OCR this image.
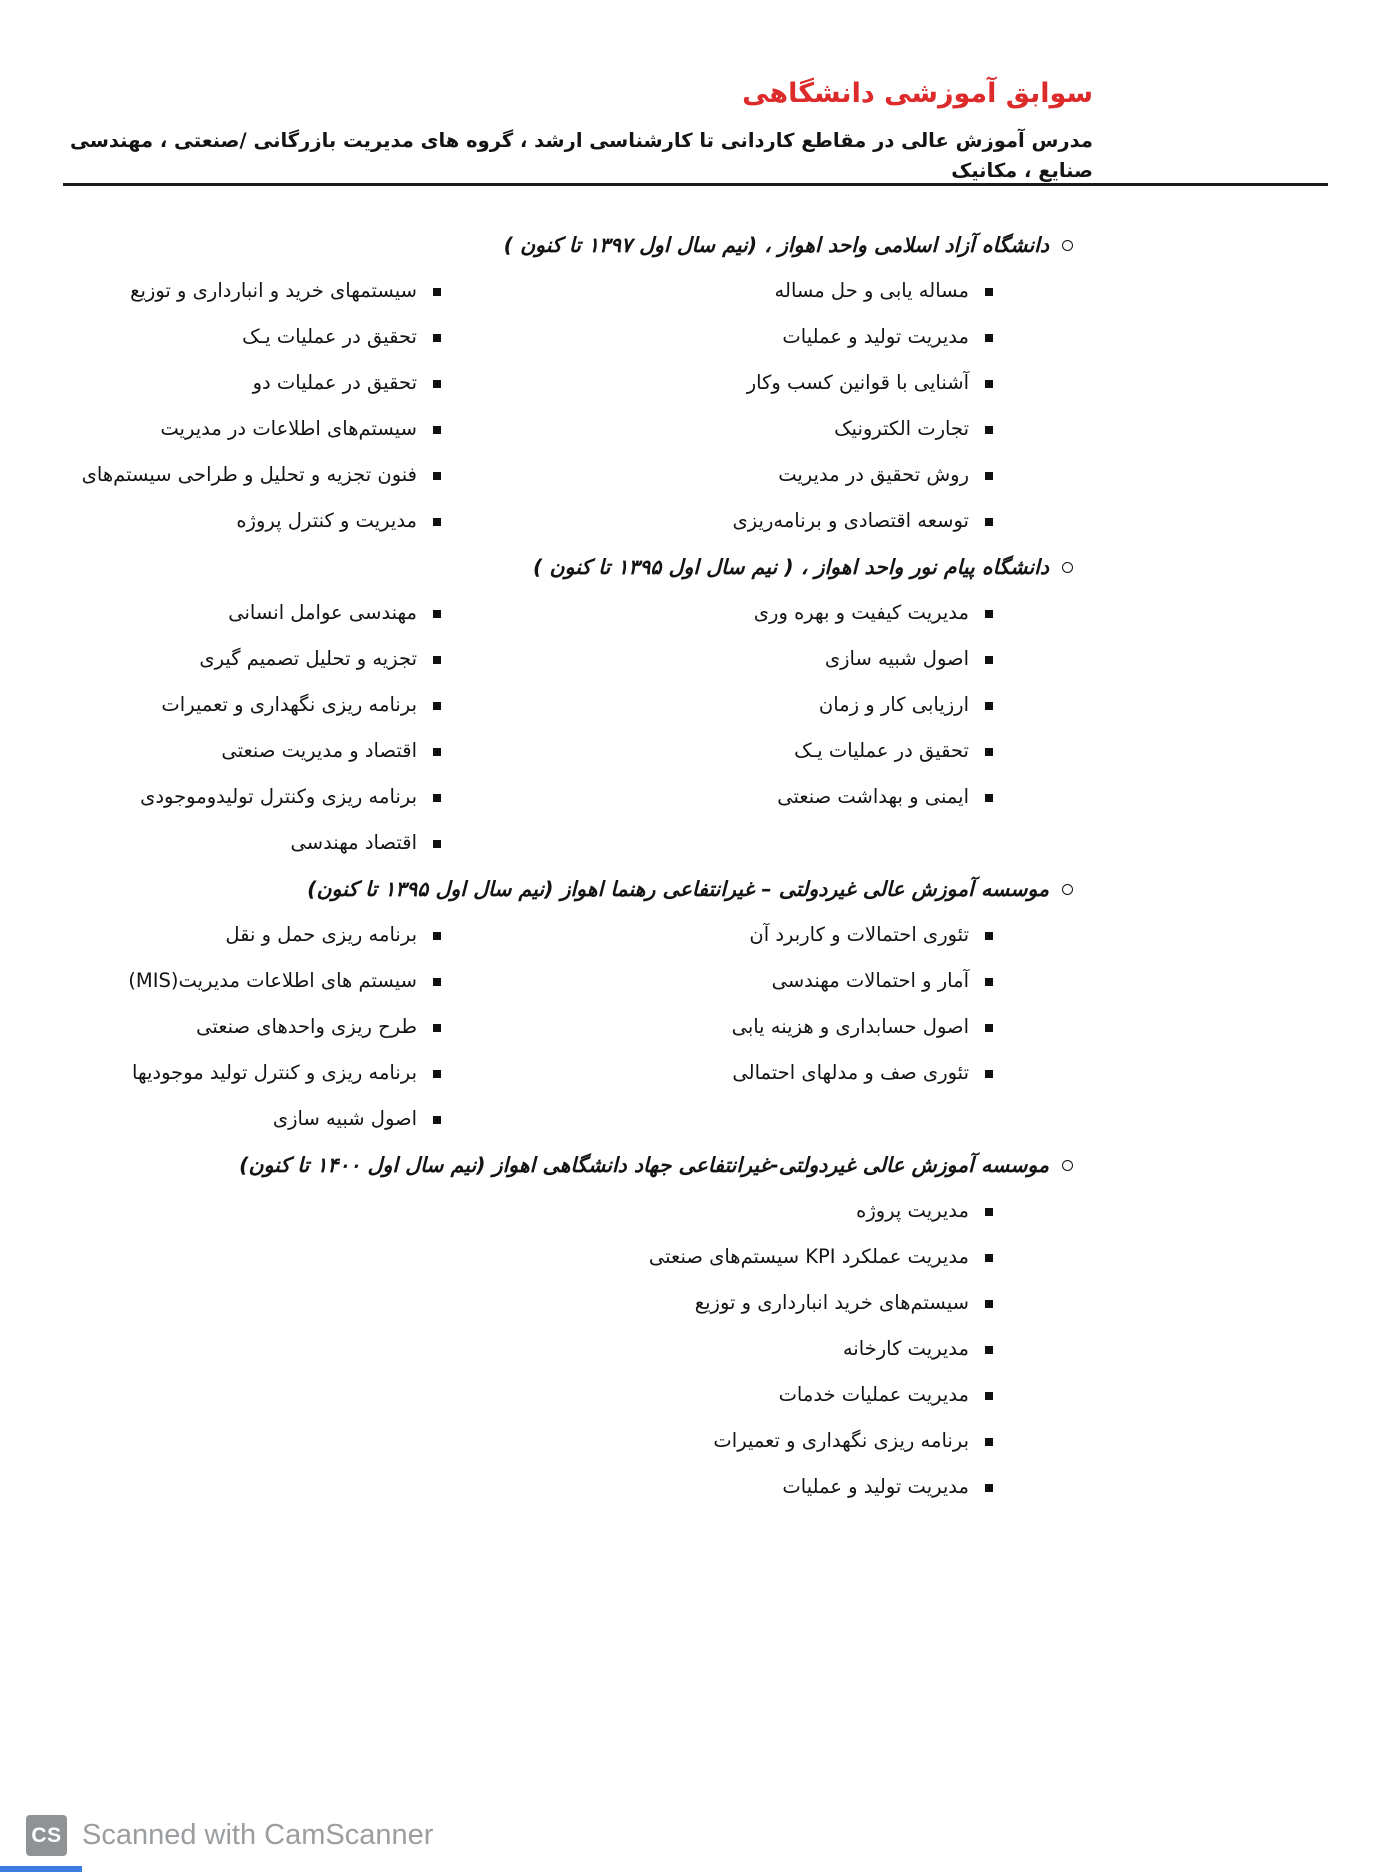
سوابق آموزشی دانشگاهی

مدرس آموزش عالی در مقاطع کاردانی تا کارشناسی ارشد ، گروه های مدیریت بازرگانی /صنعتی ، مهندسی صنایع ، مکانیک

دانشگاه آزاد اسلامی واحد اهواز ، (نیم سال اول ۱۳۹۷ تا کنون )
مساله یابی و حل مساله
مدیریت تولید و عملیات
آشنایی با قوانین کسب وکار
تجارت الکترونیک
روش تحقیق در مدیریت
توسعه اقتصادی و برنامه‌ریزی
سیستمهای خرید و انبارداری و توزیع
تحقیق در عملیات یـک
تحقیق در عملیات دو
سیستم‌های اطلاعات در مدیریت
فنون تجزیه و تحلیل و طراحی سیستم‌های
مدیریت و کنترل پروژه
دانشگاه پیام نور واحد اهواز ، ( نیم سال اول ۱۳۹۵ تا کنون )
مدیریت کیفیت و بهره وری
اصول شبیه سازی
ارزیابی کار و زمان
تحقیق در عملیات یـک
ایمنی و بهداشت صنعتی
مهندسی عوامل انسانی
تجزیه و تحلیل تصمیم گیری
برنامه ریزی نگهداری و تعمیرات
اقتصاد و مدیریت صنعتی
برنامه ریزی وکنترل تولیدوموجودی
اقتصاد مهندسی
موسسه آموزش عالی غیردولتی – غیرانتفاعی رهنما اهواز (نیم سال اول ۱۳۹۵ تا کنون)
تئوری احتمالات و کاربرد آن
آمار و احتمالات مهندسی
اصول حسابداری و هزینه یابی
تئوری صف و مدلهای احتمالی
برنامه ریزی حمل و نقل
سیستم های اطلاعات مدیریت(MIS)
طرح ریزی واحدهای صنعتی
برنامه ریزی و کنترل تولید موجودیها
اصول شبیه سازی
موسسه آموزش عالی غیردولتی-غیرانتفاعی جهاد دانشگاهی اهواز (نیم سال اول ۱۴۰۰ تا کنون)
مدیریت پروژه
مدیریت عملکرد KPI سیستم‌های صنعتی
سیستم‌های خرید انبارداری و توزیع
مدیریت کارخانه
مدیریت عملیات خدمات
برنامه ریزی نگهداری و تعمیرات
مدیریت تولید و عملیات
CS Scanned with CamScanner
